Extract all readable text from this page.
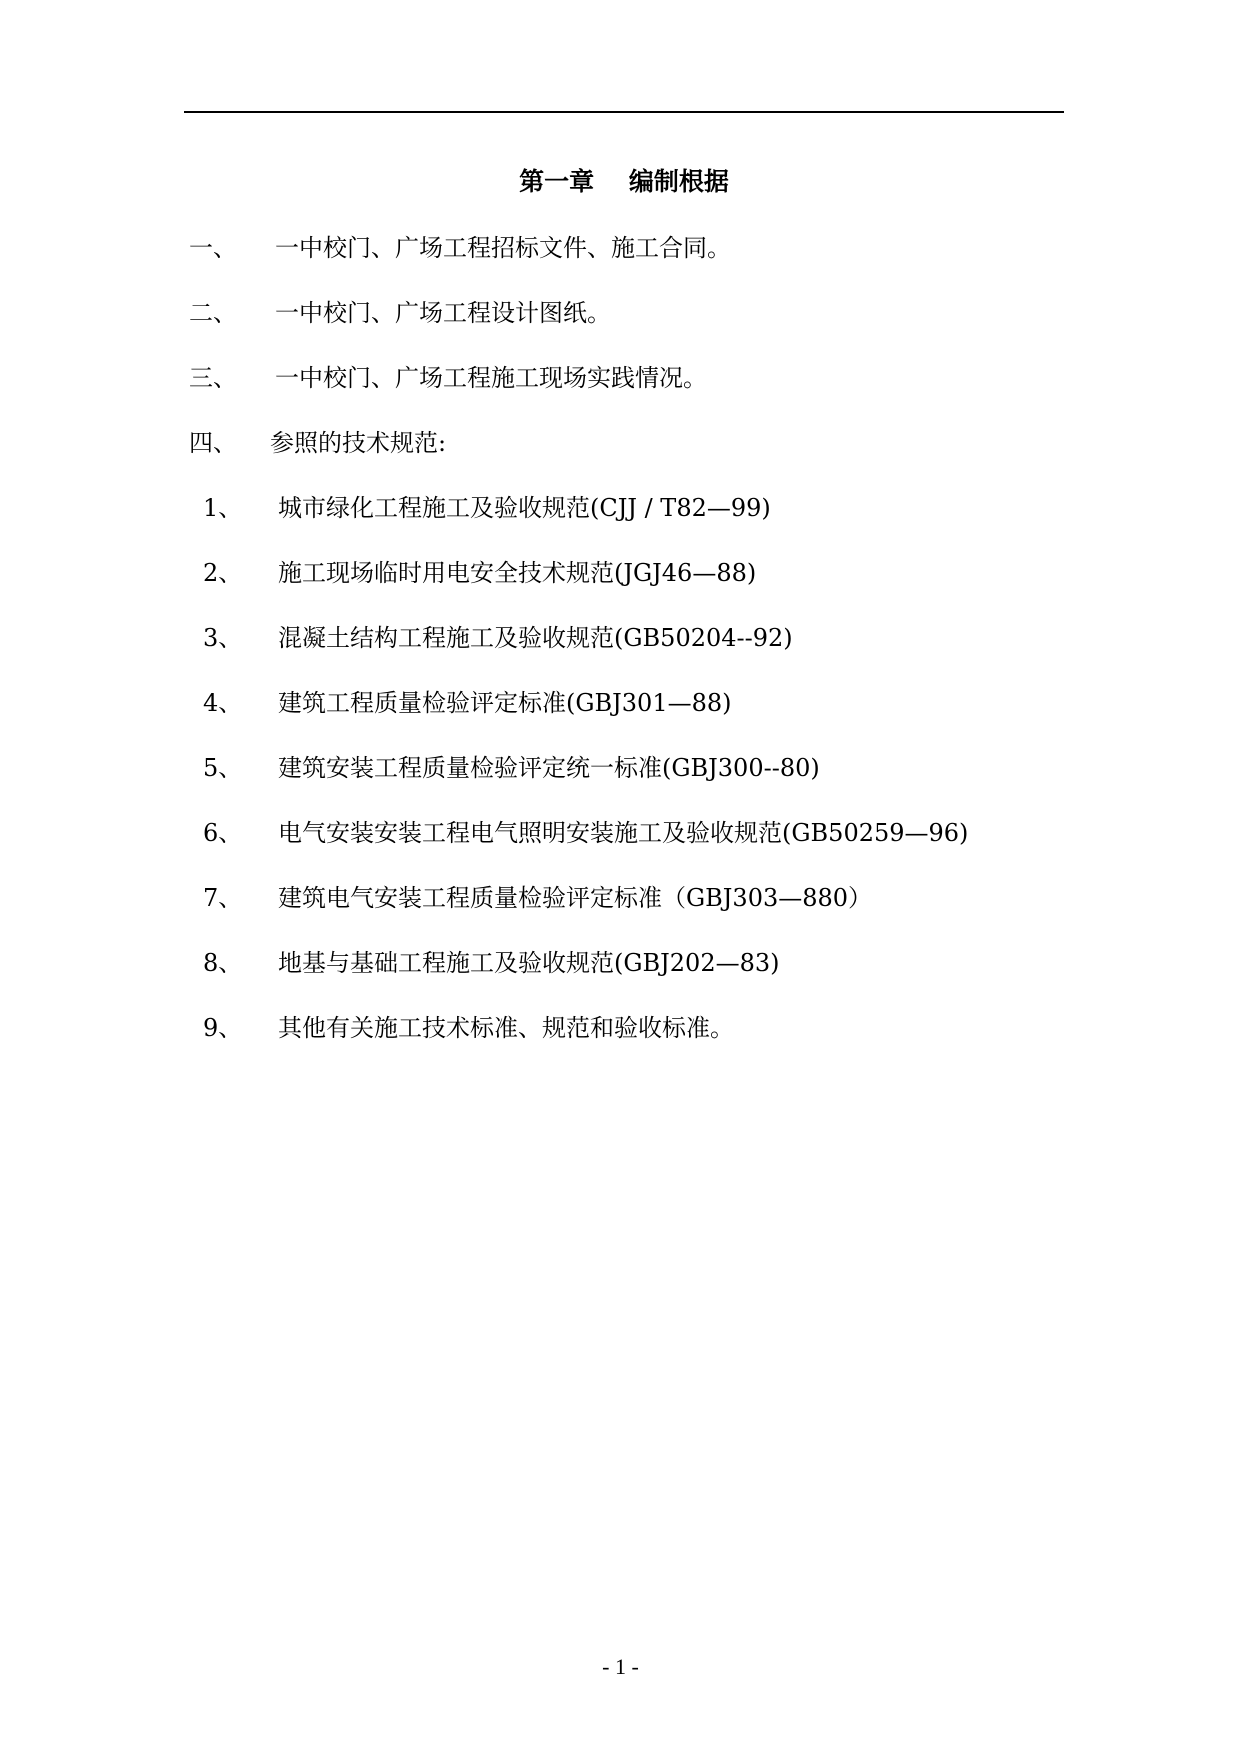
第一章    编制根据
一、 一中校门、广场工程招标文件、施工合同。
二、 一中校门、广场工程设计图纸。
三、 一中校门、广场工程施工现场实践情况。
四、 参照的技术规范:
1、 城市绿化工程施工及验收规范(CJJ / T82—99)
2、 施工现场临时用电安全技术规范(JGJ46—88)
3、 混凝土结构工程施工及验收规范(GB50204--92)
4、 建筑工程质量检验评定标准(GBJ301—88)
5、 建筑安装工程质量检验评定统一标准(GBJ300--80)
6、 电气安装安装工程电气照明安装施工及验收规范(GB50259—96)
7、 建筑电气安装工程质量检验评定标准（GBJ303—880）
8、 地基与基础工程施工及验收规范(GBJ202—83)
9、 其他有关施工技术标准、规范和验收标准。
- 1 -
